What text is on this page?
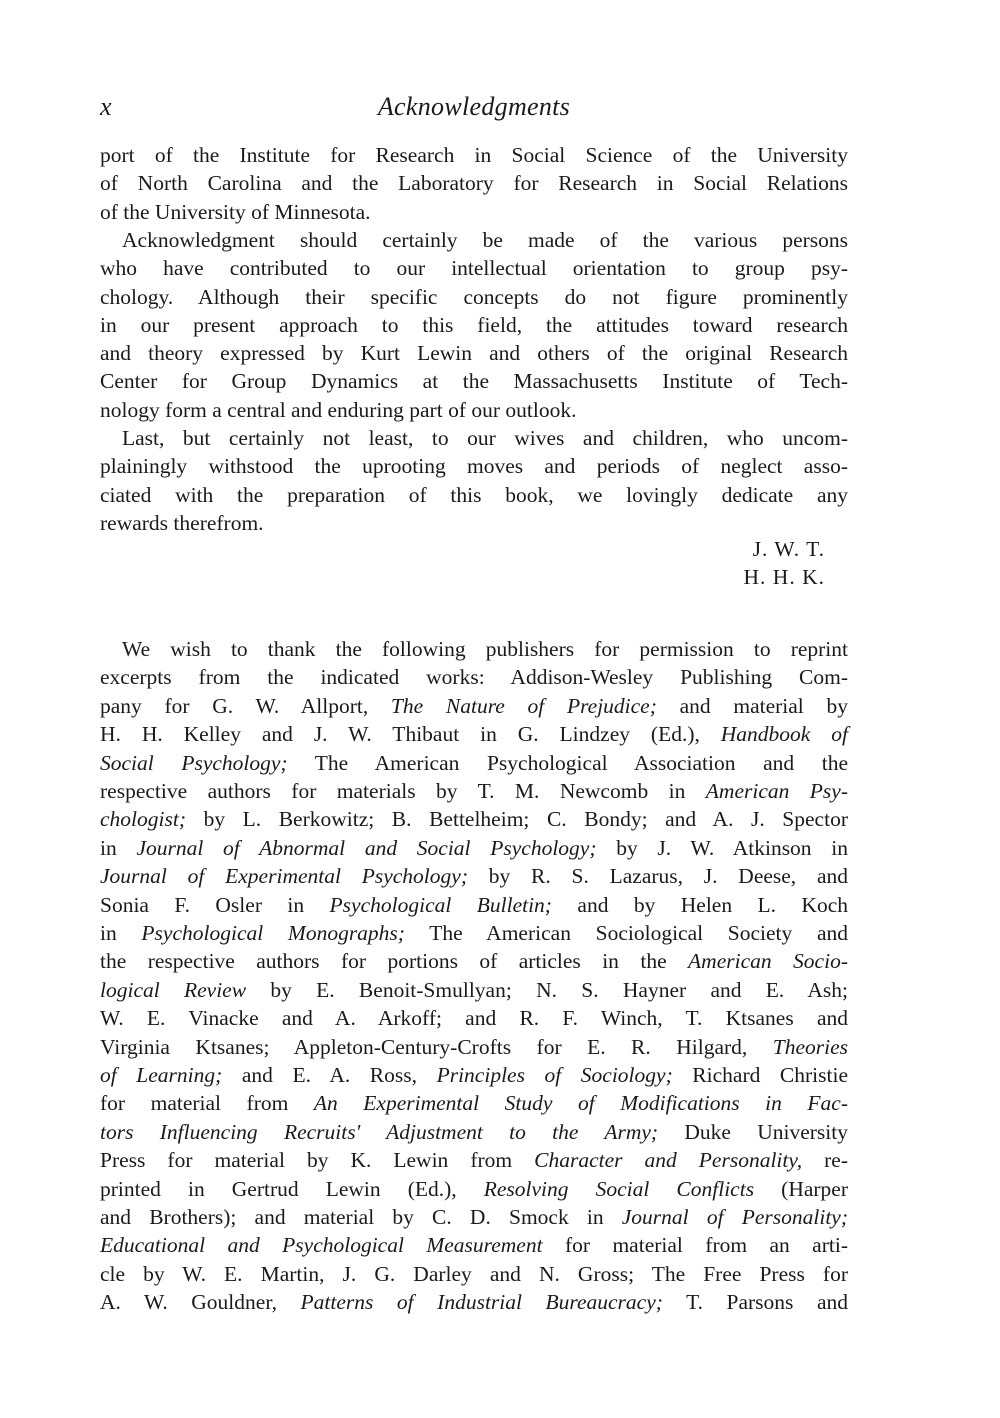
x	Acknowledgments
port of the Institute for Research in Social Science of the University
of North Carolina and the Laboratory for Research in Social Relations
of the University of Minnesota.
Acknowledgment should certainly be made of the various persons
who have contributed to our intellectual orientation to group psy-
chology. Although their specific concepts do not figure prominently
in our present approach to this field, the attitudes toward research
and theory expressed by Kurt Lewin and others of the original Research
Center for Group Dynamics at the Massachusetts Institute of Tech-
nology form a central and enduring part of our outlook.
Last, but certainly not least, to our wives and children, who uncom-
plainingly withstood the uprooting moves and periods of neglect asso-
ciated with the preparation of this book, we lovingly dedicate any
rewards therefrom.
J. W. T.
H. H. K.
We wish to thank the following publishers for permission to reprint
excerpts from the indicated works: Addison-Wesley Publishing Com-
pany for G. W. Allport, The Nature of Prejudice; and material by
H. H. Kelley and J. W. Thibaut in G. Lindzey (Ed.), Handbook of
Social Psychology; The American Psychological Association and the
respective authors for materials by T. M. Newcomb in American Psy-
chologist; by L. Berkowitz; B. Bettelheim; C. Bondy; and A. J. Spector
in Journal of Abnormal and Social Psychology; by J. W. Atkinson in
Journal of Experimental Psychology; by R. S. Lazarus, J. Deese, and
Sonia F. Osler in Psychological Bulletin; and by Helen L. Koch
in Psychological Monographs; The American Sociological Society and
the respective authors for portions of articles in the American Socio-
logical Review by E. Benoit-Smullyan; N. S. Hayner and E. Ash;
W. E. Vinacke and A. Arkoff; and R. F. Winch, T. Ktsanes and
Virginia Ktsanes; Appleton-Century-Crofts for E. R. Hilgard, Theories
of Learning; and E. A. Ross, Principles of Sociology; Richard Christie
for material from An Experimental Study of Modifications in Fac-
tors Influencing Recruits' Adjustment to the Army; Duke University
Press for material by K. Lewin from Character and Personality, re-
printed in Gertrud Lewin (Ed.), Resolving Social Conflicts (Harper
and Brothers); and material by C. D. Smock in Journal of Personality;
Educational and Psychological Measurement for material from an arti-
cle by W. E. Martin, J. G. Darley and N. Gross; The Free Press for
A. W. Gouldner, Patterns of Industrial Bureaucracy; T. Parsons and
